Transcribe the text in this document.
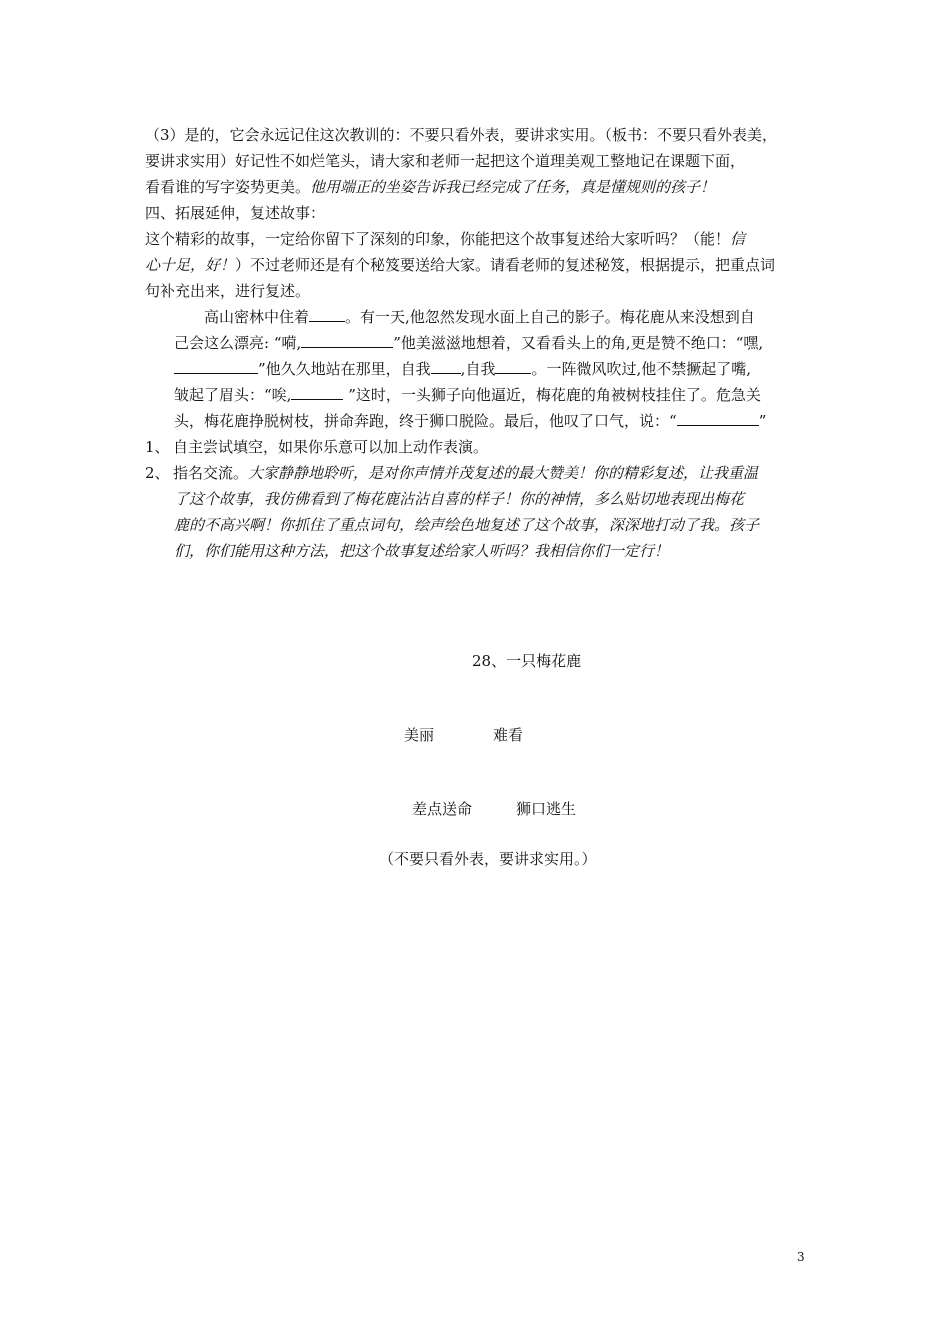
（3）是的，它会永远记住这次教训的：不要只看外表，要讲求实用。（板书：不要只看外表美，
要讲求实用）好记性不如烂笔头，请大家和老师一起把这个道理美观工整地记在课题下面，
看看谁的写字姿势更美。他用端正的坐姿告诉我已经完成了任务，真是懂规则的孩子！
四、拓展延伸，复述故事：
这个精彩的故事，一定给你留下了深刻的印象，你能把这个故事复述给大家听吗？（能！信
心十足，好！）不过老师还是有个秘笈要送给大家。请看老师的复述秘笈，根据提示，把重点词
句补充出来，进行复述。
高山密林中住着 。有一天,他忽然发现水面上自己的影子。梅花鹿从来没想到自
己会这么漂亮: “嗬,	”他美滋滋地想着，又看看头上的角,更是赞不绝口：“嘿,
”他久久地站在那里，自我 ,自我 。一阵微风吹过,他不禁撅起了嘴,
皱起了眉头：“唉,	”这时，一头狮子向他逼近，梅花鹿的角被树枝挂住了。危急关
头，梅花鹿挣脱树枝，拼命奔跑，终于狮口脱险。最后，他叹了口气，说：“	”
1、 自主尝试填空，如果你乐意可以加上动作表演。
2、 指名交流。大家静静地聆听，是对你声情并茂复述的最大赞美！你的精彩复述，让我重温
了这个故事，我仿佛看到了梅花鹿沾沾自喜的样子！你的神情，多么贴切地表现出梅花
鹿的不高兴啊！你抓住了重点词句，绘声绘色地复述了这个故事，深深地打动了我。孩子
们，你们能用这种方法，把这个故事复述给家人听吗？我相信你们一定行！
28、一只梅花鹿
美丽	难看
差点送命	狮口逃生
（不要只看外表，要讲求实用。）
3
